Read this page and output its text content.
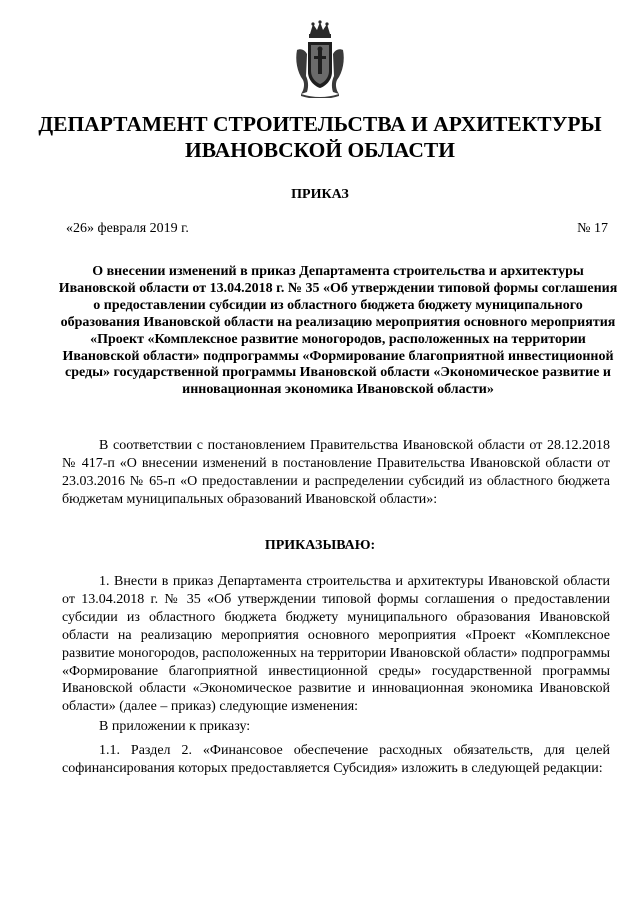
ДЕПАРТАМЕНТ СТРОИТЕЛЬСТВА И АРХИТЕКТУРЫ
ИВАНОВСКОЙ ОБЛАСТИ
ПРИКАЗ
«26» февраля 2019 г.	№ 17
О внесении изменений в приказ Департамента строительства и архитектуры Ивановской области от 13.04.2018 г. № 35 «Об утверждении типовой формы соглашения о предоставлении субсидии из областного бюджета бюджету муниципального образования Ивановской области на реализацию мероприятия основного мероприятия «Проект «Комплексное развитие моногородов, расположенных на территории Ивановской области» подпрограммы «Формирование благоприятной инвестиционной среды» государственной программы Ивановской области «Экономическое развитие и инновационная экономика Ивановской области»

В соответствии с постановлением Правительства Ивановской области от 28.12.2018 № 417-п «О внесении изменений в постановление Правительства Ивановской области от 23.03.2016 № 65-п «О предоставлении и распределении субсидий из областного бюджета бюджетам муниципальных образований Ивановской области»:

ПРИКАЗЫВАЮ:

1. Внести в приказ Департамента строительства и архитектуры Ивановской области от 13.04.2018 г. № 35 «Об утверждении типовой формы соглашения о предоставлении субсидии из областного бюджета бюджету муниципального образования Ивановской области на реализацию мероприятия основного мероприятия «Проект «Комплексное развитие моногородов, расположенных на территории Ивановской области» подпрограммы «Формирование благоприятной инвестиционной среды» государственной программы Ивановской области «Экономическое развитие и инновационная экономика Ивановской области» (далее – приказ) следующие изменения:

В приложении к приказу:

1.1. Раздел 2. «Финансовое обеспечение расходных обязательств, для целей софинансирования которых предоставляется Субсидия» изложить в следующей редакции:
